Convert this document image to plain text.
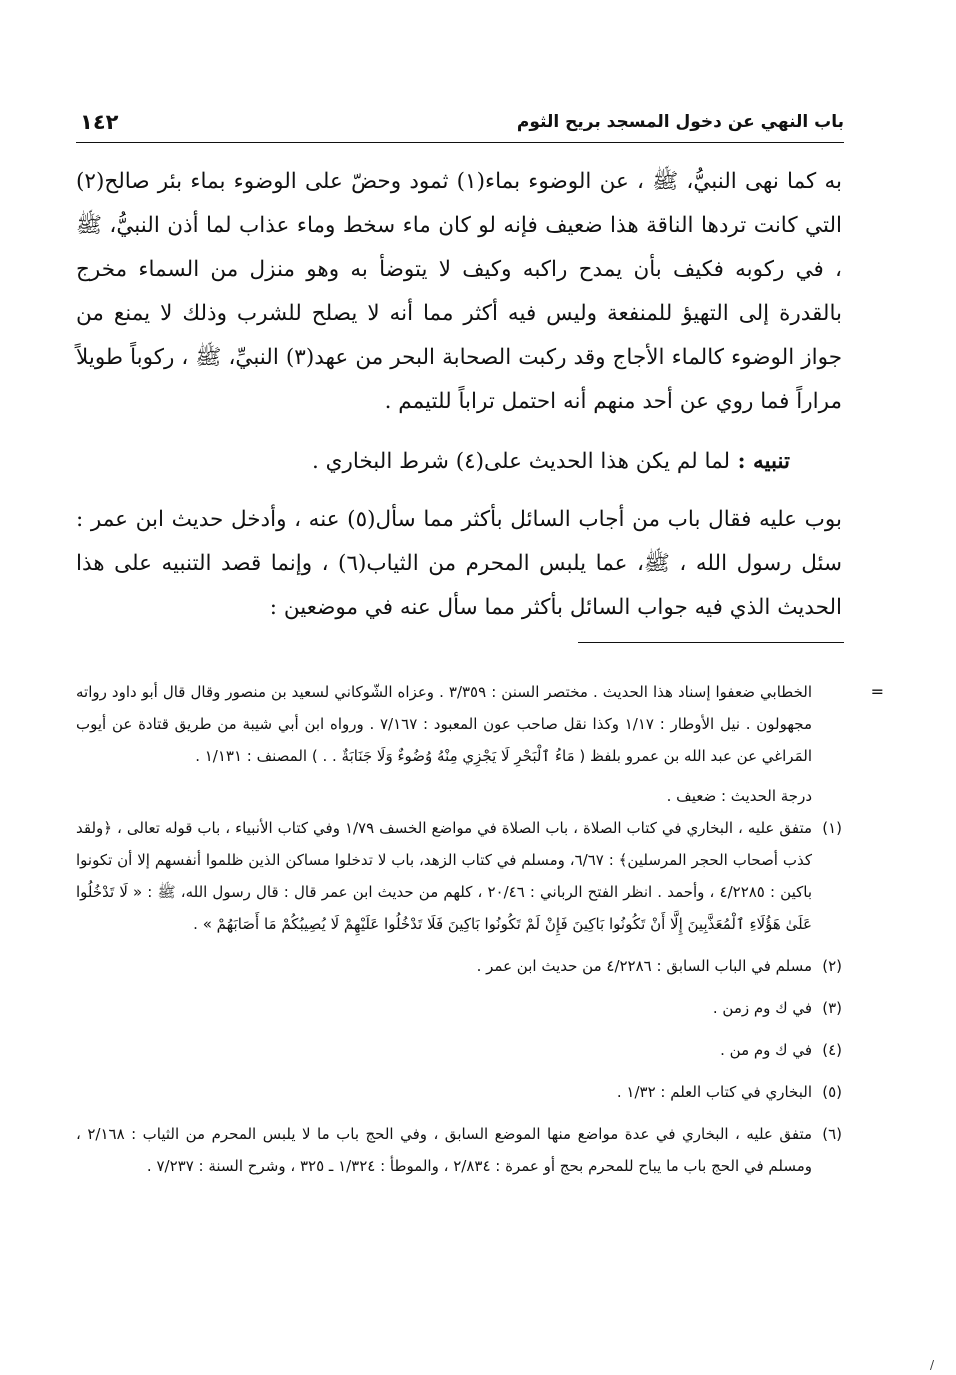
باب النهي عن دخول المسجد بريح الثوم
١٤٢

به كما نهى النبيُّ، ﷺ ، عن الوضوء بماء(١) ثمود وحضّ على الوضوء بماء بئر صالح(٢) التي كانت تردها الناقة هذا ضعيف فإنه لو كان ماء سخط وماء عذاب لما أذن النبيُّ، ﷺ ، في ركوبه فكيف بأن يمدح راكبه وكيف لا يتوضأ به وهو منزل من السماء مخرج بالقدرة إلى التهيؤ للمنفعة وليس فيه أكثر مما أنه لا يصلح للشرب وذلك لا يمنع من جواز الوضوء كالماء الأجاج وقد ركبت الصحابة البحر من عهد(٣) النبيِّ، ﷺ ، ركوباً طويلاً مراراً فما روي عن أحد منهم أنه احتمل تراباً للتيمم .

تنبيه : لما لم يكن هذا الحديث على(٤) شرط البخاري .

بوب عليه فقال باب من أجاب السائل بأكثر مما سأل(٥) عنه ، وأدخل حديث ابن عمر : سئل رسول الله ، ﷺ، عما يلبس المحرم من الثياب(٦) ، وإنما قصد التنبيه على هذا الحديث الذي فيه جواب السائل بأكثر مما سأل عنه في موضعين :

=
الخطابي ضعفوا إسناد هذا الحديث . مختصر السنن : ٣/٣٥٩ . وعزاه الشّوكاني لسعيد بن منصور وقال قال أبو داود رواته مجهولون . نيل الأوطار : ١/١٧ وكذا نقل صاحب عون المعبود : ٧/١٦٧ . ورواه ابن أبي شيبة من طريق قتادة عن أيوب المَراغي عن عبد الله بن عمرو بلفظ ( مَاءُ ٱلْبَحْرِ لَا يَجْزِي مِنْهُ وُضُوءٌ وَلَا جَنَابَةٌ . . ) المصنف : ١/١٣١ .

درجة الحديث : ضعيف .

(١)
متفق عليه ، البخاري في كتاب الصلاة ، باب الصلاة في مواضع الخسف ١/٧٩ وفي كتاب الأنبياء ، باب قوله تعالى ، ﴿ولقد كذب أصحاب الحجر المرسلين﴾ : ٦/٦٧، ومسلم في كتاب الزهد، باب لا تدخلوا مساكن الذين ظلموا أنفسهم إلا أن تكونوا باكين : ٤/٢٢٨٥ ، وأحمد . انظر الفتح الرباني : ٢٠/٤٦ ، كلهم من حديث ابن عمر قال : قال رسول الله، ﷺ : « لَا تَدْخُلُوا عَلَىٰ هَؤُلَاءِ ٱلْمُعَذَّبِينَ إِلَّا أَنْ تَكُونُوا بَاكِينَ فَإِنْ لَمْ تَكُونُوا بَاكِينَ فَلَا تَدْخُلُوا عَلَيْهِمْ لَا يُصِيبُكُمْ مَا أَصَابَهُمْ » .

(٢)
مسلم في الباب السابق : ٤/٢٢٨٦ من حديث ابن عمر .

(٣)
في ك وم زمن .

(٤)
في ك وم من .

(٥)
البخاري في كتاب العلم : ١/٣٢ .

(٦)
متفق عليه ، البخاري في عدة مواضع منها الموضع السابق ، وفي الحج باب ما لا يلبس المحرم من الثياب : ٢/١٦٨ ، ومسلم في الحج باب ما يباح للمحرم بحج أو عمرة : ٢/٨٣٤ ، والموطأ : ١/٣٢٤ ـ ٣٢٥ ، وشرح السنة : ٧/٢٣٧ .

/
